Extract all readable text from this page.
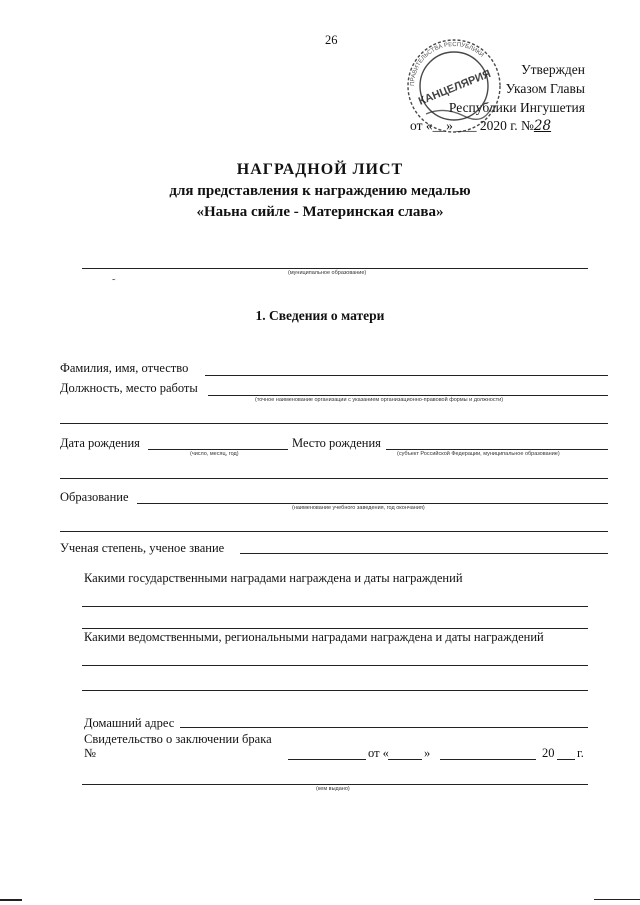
26
Утвержден
Указом Главы
Республики Ингушетия
от «__» ___ 2020 г. №28
ПРАВИТЕЛЬСТВА РЕСПУБЛИКИ
КАНЦЕЛЯРИЯ
НАГРАДНОЙ ЛИСТ
для представления к награждению медалью
«Наьна сийле - Материнская слава»
(муниципальное образование)
˜
1. Сведения о матери
Фамилия, имя, отчество
Должность, место работы
(точное наименование организации с указанием организационно-правовой формы и должности)
Дата рождения
(число, месяц, год)
Место рождения
(субъект Российской Федерации, муниципальное образование)
Образование
(наименование учебного заведения, год окончания)
Ученая степень, ученое звание
Какими государственными наградами награждена и даты награждений
Какими ведомственными, региональными наградами награждена и даты награждений
Домашний адрес
Свидетельство о заключении брака
№	от «	»	20 г.
(кем выдано)
